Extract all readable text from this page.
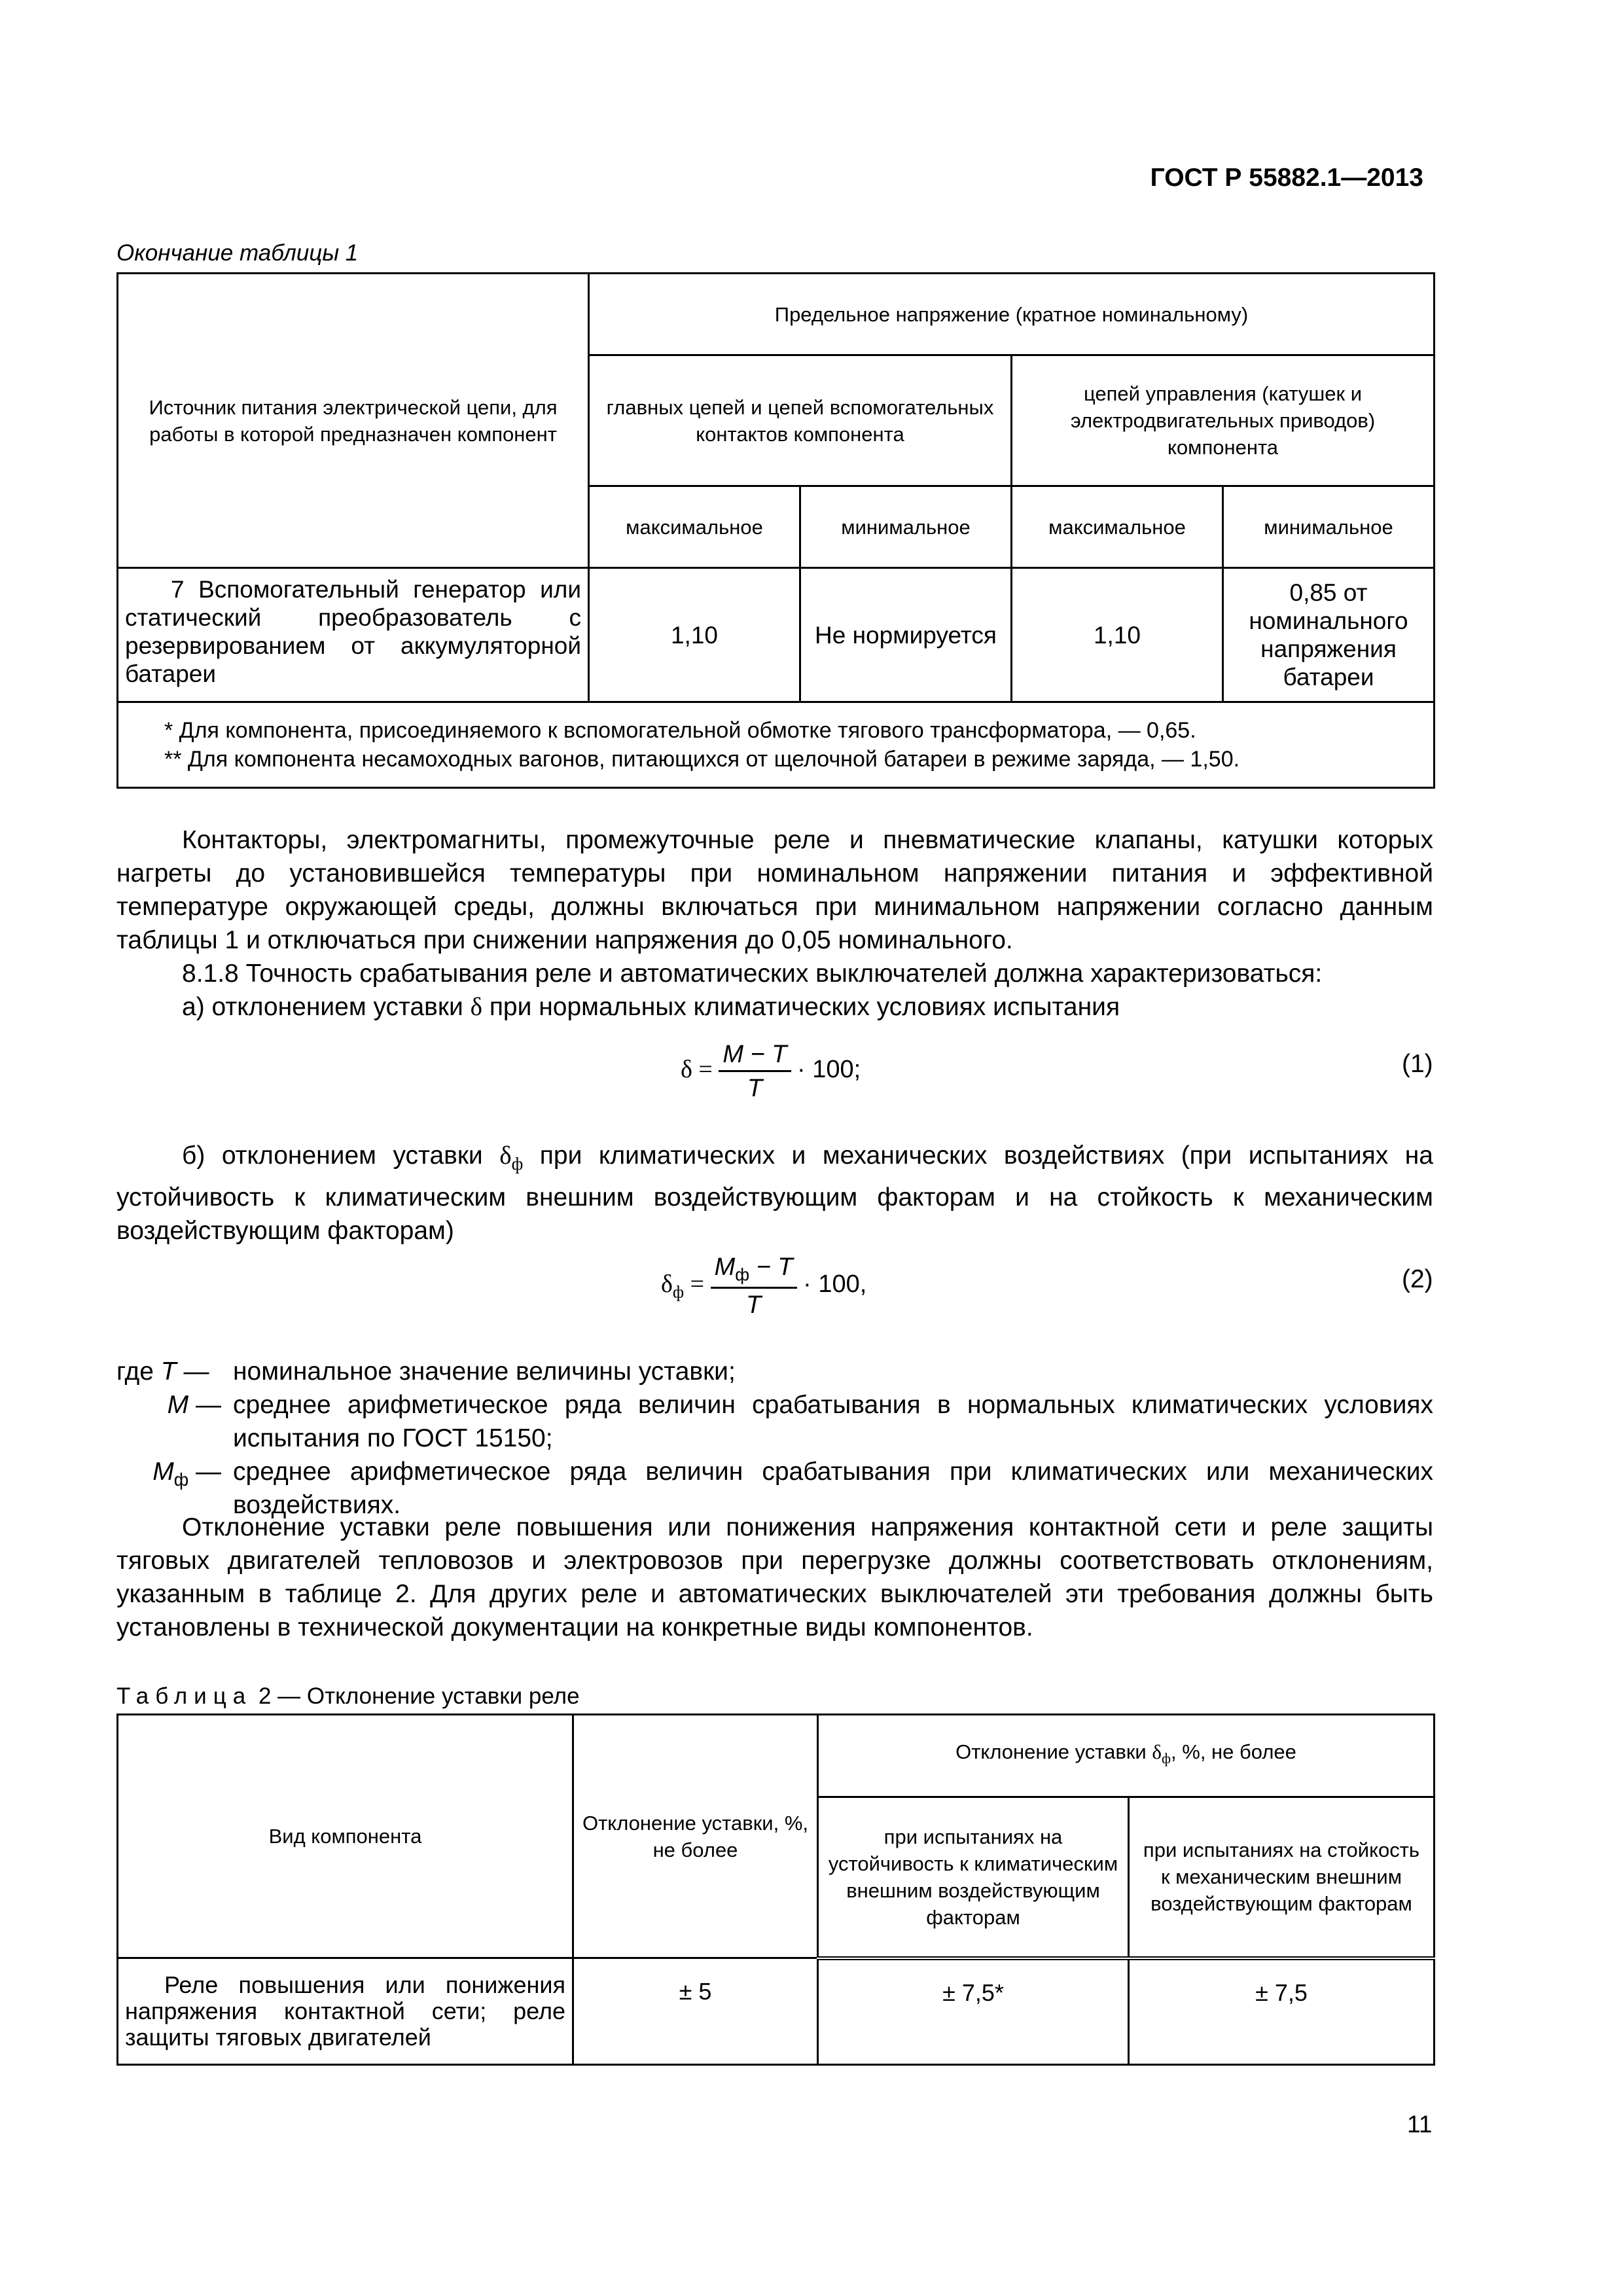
ГОСТ Р 55882.1—2013
Окончание таблицы 1
Источник питания электрической цепи, для работы в которой предназначен компонент	Предельное напряжение (кратное номинальному)			
	главных цепей и цепей вспомогательных контактов компонента		цепей управления (катушек и электродвигательных приводов) компонента	
	максимальное	минимальное	максимальное	минимальное
7 Вспомогательный генератор или статический преобразователь с резервированием от аккумуляторной батареи	1,10	Не нормируется	1,10	0,85 от номинального напряжения батареи

* Для компонента, присоединяемого к вспомогательной обмотке тягового трансформатора, — 0,65.
** Для компонента несамоходных вагонов, питающихся от щелочной батареи в режиме заряда, — 1,50.				
Контакторы, электромагниты, промежуточные реле и пневматические клапаны, катушки которых нагреты до установившейся температуры при номинальном напряжении питания и эффективной температуре окружающей среды, должны включаться при минимальном напряжении согласно данным таблицы 1 и отключаться при снижении напряжения до 0,05 номинального.
8.1.8 Точность срабатывания реле и автоматических выключателей должна характеризоваться:
а) отклонением уставки δ при нормальных климатических условиях испытания
$\delta = \frac{M - T}{T} \cdot 100$;	(1)
б) отклонением уставки $\delta_ф$ при климатических и механических воздействиях (при испытаниях на устойчивость к климатическим внешним воздействующим факторам и на стойкость к механическим воздействующим факторам)
$\delta_ф = \frac{M_ф - T}{T} \cdot 100$,	(2)
где T — номинальное значение величины уставки;
M — среднее арифметическое ряда величин срабатывания в нормальных климатических условиях испытания по ГОСТ 15150;
$M_ф$ — среднее арифметическое ряда величин срабатывания при климатических или механических воздействиях.
Отклонение уставки реле повышения или понижения напряжения контактной сети и реле защиты тяговых двигателей тепловозов и электровозов при перегрузке должны соответствовать отклонениям, указанным в таблице 2. Для других реле и автоматических выключателей эти требования должны быть установлены в технической документации на конкретные виды компонентов.
Таблица 2 — Отклонение уставки реле
Вид компонента	Отклонение уставки, %, не более	Отклонение уставки $\delta_ф$, %, не более	
		при испытаниях на устойчивость к климатическим внешним воздействующим факторам	при испытаниях на стойкость к механическим внешним воздействующим факторам
Реле повышения или понижения напряжения контактной сети; реле защиты тяговых двигателей	± 5	± 7,5*	± 7,5
11
